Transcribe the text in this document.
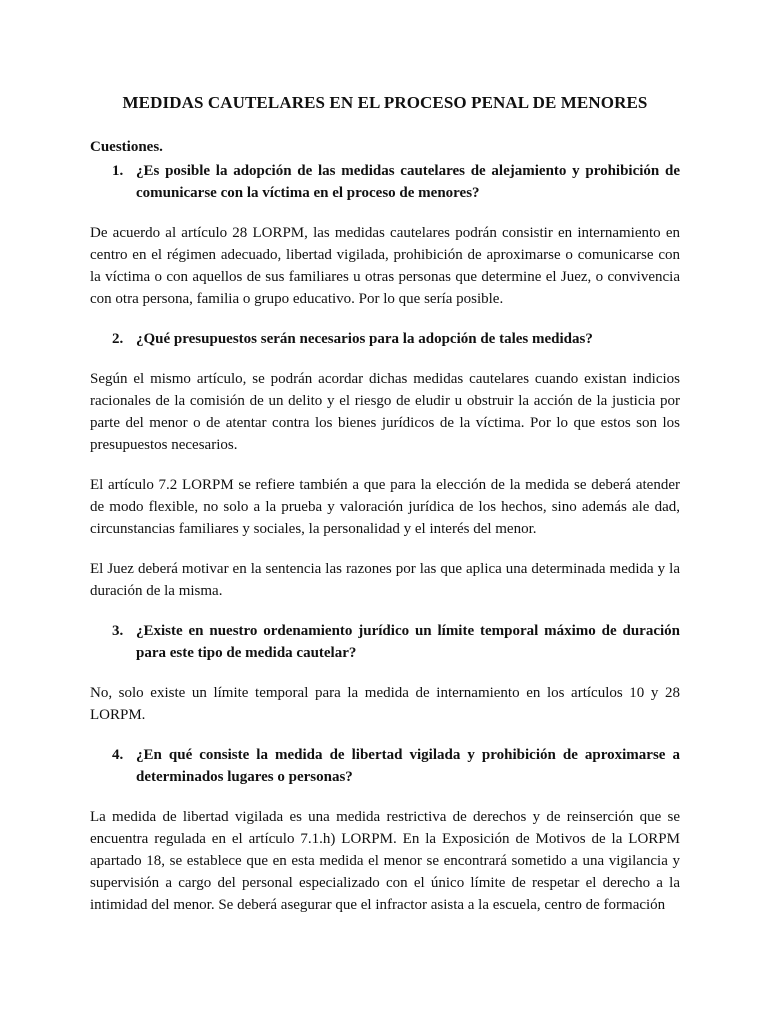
MEDIDAS CAUTELARES EN EL PROCESO PENAL DE MENORES
Cuestiones.
1. ¿Es posible la adopción de las medidas cautelares de alejamiento y prohibición de comunicarse con la víctima en el proceso de menores?

De acuerdo al artículo 28 LORPM, las medidas cautelares podrán consistir en internamiento en centro en el régimen adecuado, libertad vigilada, prohibición de aproximarse o comunicarse con la víctima o con aquellos de sus familiares u otras personas que determine el Juez, o convivencia con otra persona, familia o grupo educativo. Por lo que sería posible.

2. ¿Qué presupuestos serán necesarios para la adopción de tales medidas?

Según el mismo artículo, se podrán acordar dichas medidas cautelares cuando existan indicios racionales de la comisión de un delito y el riesgo de eludir u obstruir la acción de la justicia por parte del menor o de atentar contra los bienes jurídicos de la víctima. Por lo que estos son los presupuestos necesarios.

El artículo 7.2 LORPM se refiere también a que para la elección de la medida se deberá atender de modo flexible, no solo a la prueba y valoración jurídica de los hechos, sino además ale dad, circunstancias familiares y sociales, la personalidad y el interés del menor.

El Juez deberá motivar en la sentencia las razones por las que aplica una determinada medida y la duración de la misma.

3. ¿Existe en nuestro ordenamiento jurídico un límite temporal máximo de duración para este tipo de medida cautelar?

No, solo existe un límite temporal para la medida de internamiento en los artículos 10 y 28 LORPM.

4. ¿En qué consiste la medida de libertad vigilada y prohibición de aproximarse a determinados lugares o personas?

La medida de libertad vigilada es una medida restrictiva de derechos y de reinserción que se encuentra regulada en el artículo 7.1.h) LORPM. En la Exposición de Motivos de la LORPM apartado 18, se establece que en esta medida el menor se encontrará sometido a una vigilancia y supervisión a cargo del personal especializado con el único límite de respetar el derecho a la intimidad del menor. Se deberá asegurar que el infractor asista a la escuela, centro de formación
